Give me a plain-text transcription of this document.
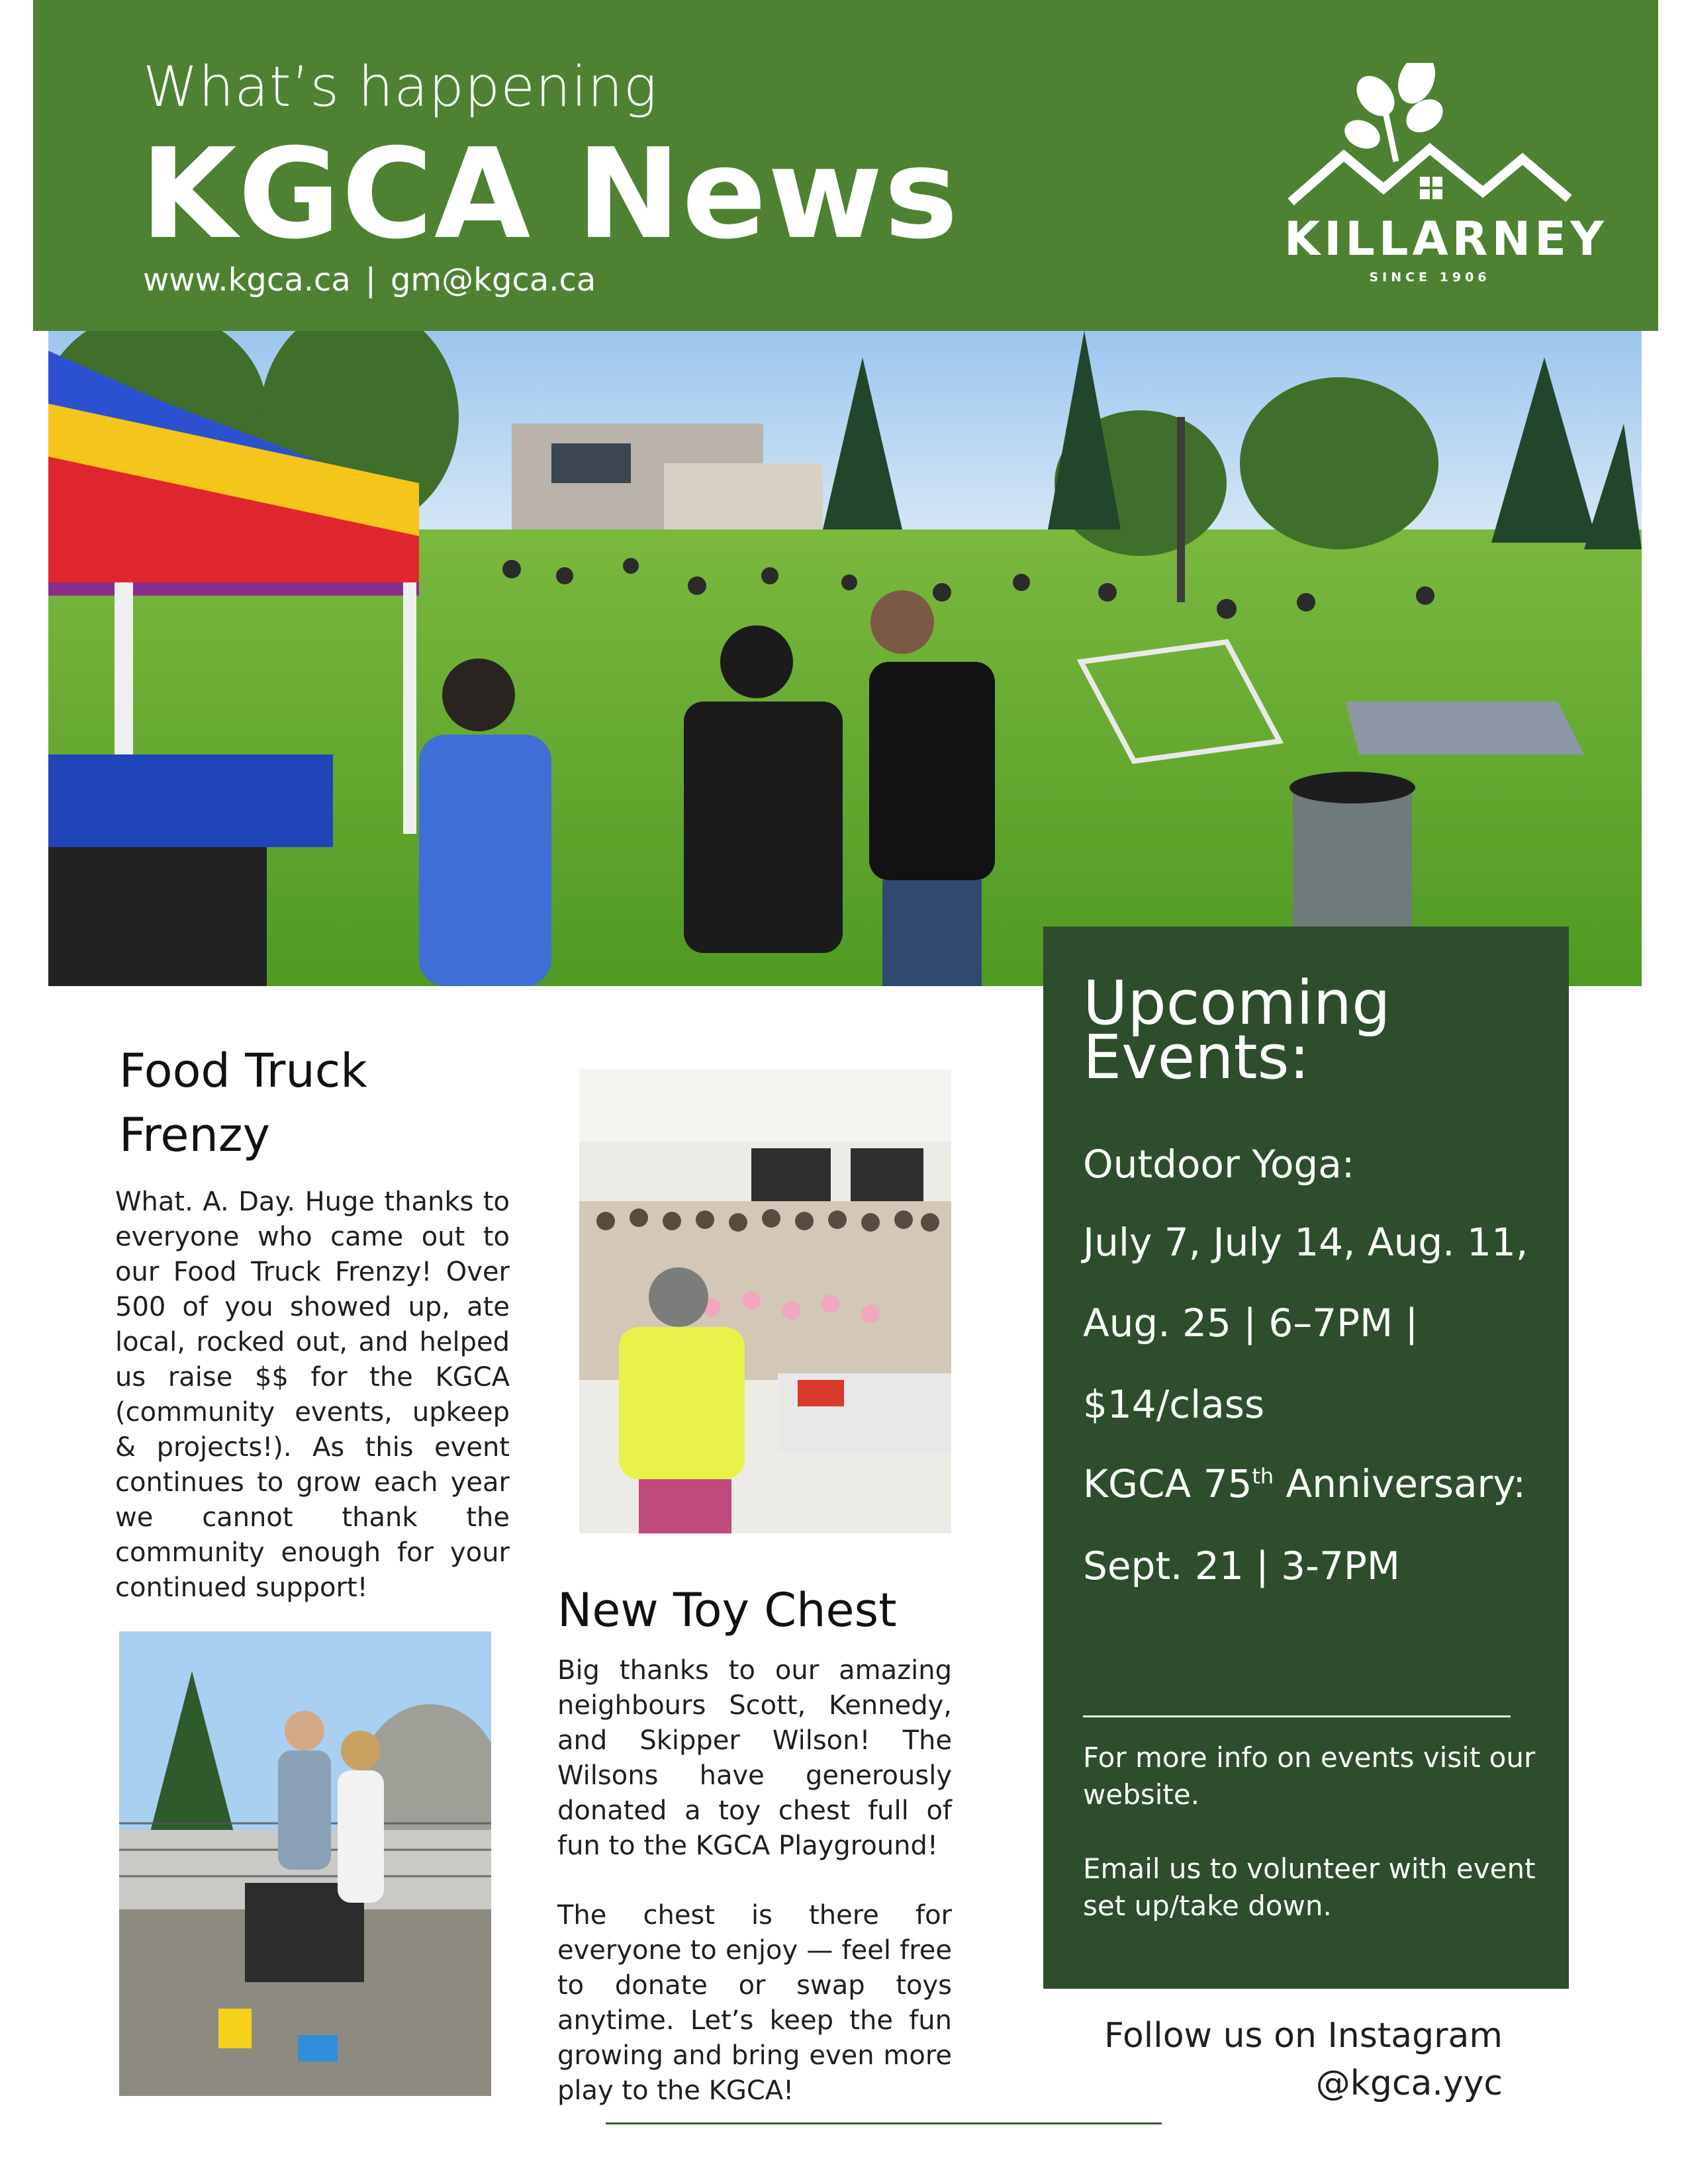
What’s happening
KGCA News
www.kgca.ca | gm@kgca.ca
KILLARNEY
SINCE 1906
Food Truck
Frenzy
What. A. Day. Huge thanks to everyone who came out to our Food Truck Frenzy! Over 500 of you showed up, ate local, rocked out, and helped us raise $$ for the KGCA (community events, upkeep & projects!). As this event continues to grow each year we cannot thank the community enough for your continued support!	New Toy Chest
Big thanks to our amazing neighbours Scott, Kennedy, and Skipper Wilson! The Wilsons have generously donated a toy chest full of fun to the KGCA Playground!
The chest is there for everyone to enjoy — feel free to donate or swap toys anytime. Let’s keep the fun growing and bring even more play to the KGCA!
Upcoming
Events:
Outdoor Yoga:
July 7, July 14, Aug. 11,
Aug. 25 | 6–7PM |
$14/class
KGCA 75th Anniversary:
Sept. 21 | 3-7PM
For more info on events visit our website.
Email us to volunteer with event set up/take down.
Follow us on Instagram
@kgca.yyc
